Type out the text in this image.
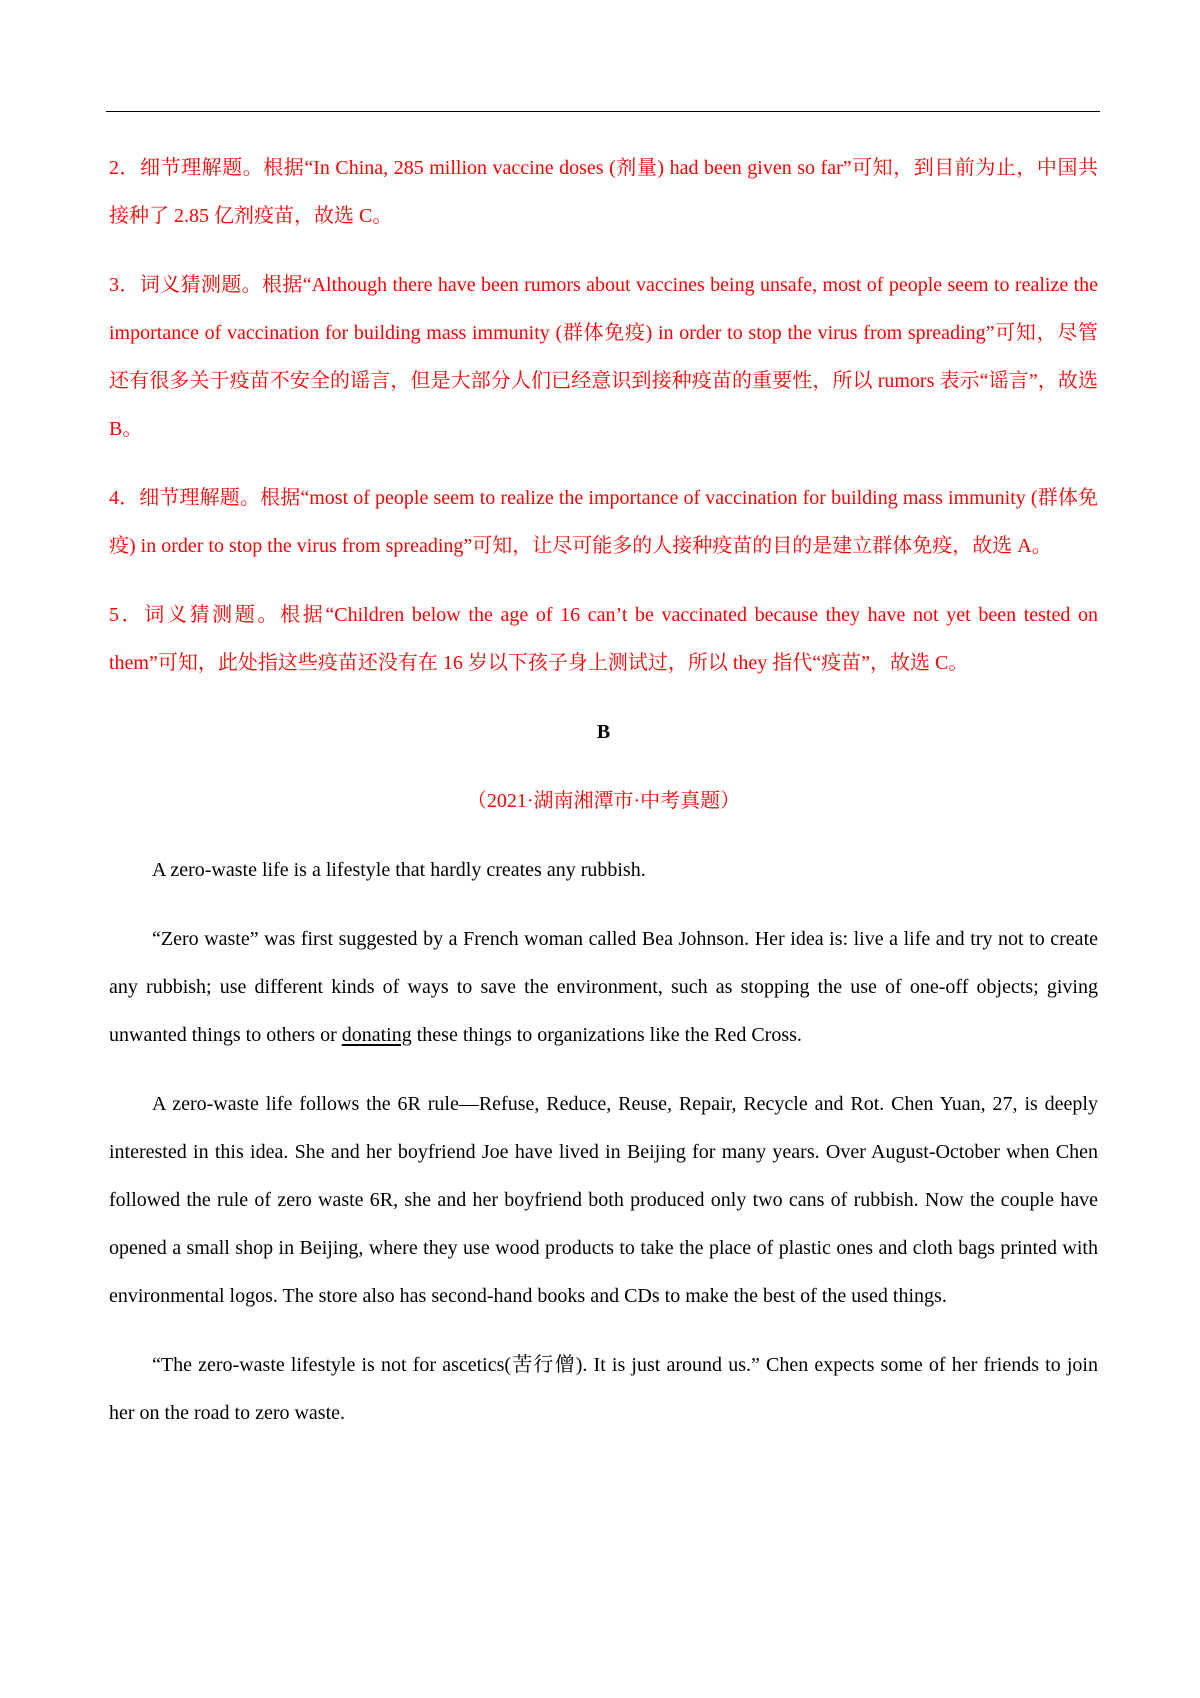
2．细节理解题。根据“In China, 285 million vaccine doses (剂量) had been given so far”可知，到目前为止，中国共接种了 2.85 亿剂疫苗，故选 C。

3．词义猜测题。根据“Although there have been rumors about vaccines being unsafe, most of people seem to realize the importance of vaccination for building mass immunity (群体免疫) in order to stop the virus from spreading”可知，尽管还有很多关于疫苗不安全的谣言，但是大部分人们已经意识到接种疫苗的重要性，所以 rumors 表示“谣言”，故选 B。

4．细节理解题。根据“most of people seem to realize the importance of vaccination for building mass immunity (群体免疫) in order to stop the virus from spreading”可知，让尽可能多的人接种疫苗的目的是建立群体免疫，故选 A。

5．词义猜测题。根据“Children below the age of 16 can’t be vaccinated because they have not yet been tested on them”可知，此处指这些疫苗还没有在 16 岁以下孩子身上测试过，所以 they 指代“疫苗”，故选 C。

B

（2021·湖南湘潭市·中考真题）

A zero-waste life is a lifestyle that hardly creates any rubbish.

“Zero waste” was first suggested by a French woman called Bea Johnson. Her idea is: live a life and try not to create any rubbish; use different kinds of ways to save the environment, such as stopping the use of one-off objects; giving unwanted things to others or donating these things to organizations like the Red Cross.

A zero-waste life follows the 6R rule—Refuse, Reduce, Reuse, Repair, Recycle and Rot. Chen Yuan, 27, is deeply interested in this idea. She and her boyfriend Joe have lived in Beijing for many years. Over August-October when Chen followed the rule of zero waste 6R, she and her boyfriend both produced only two cans of rubbish. Now the couple have opened a small shop in Beijing, where they use wood products to take the place of plastic ones and cloth bags printed with environmental logos. The store also has second-hand books and CDs to make the best of the used things.

“The zero-waste lifestyle is not for ascetics(苦行僧). It is just around us.” Chen expects some of her friends to join her on the road to zero waste.
